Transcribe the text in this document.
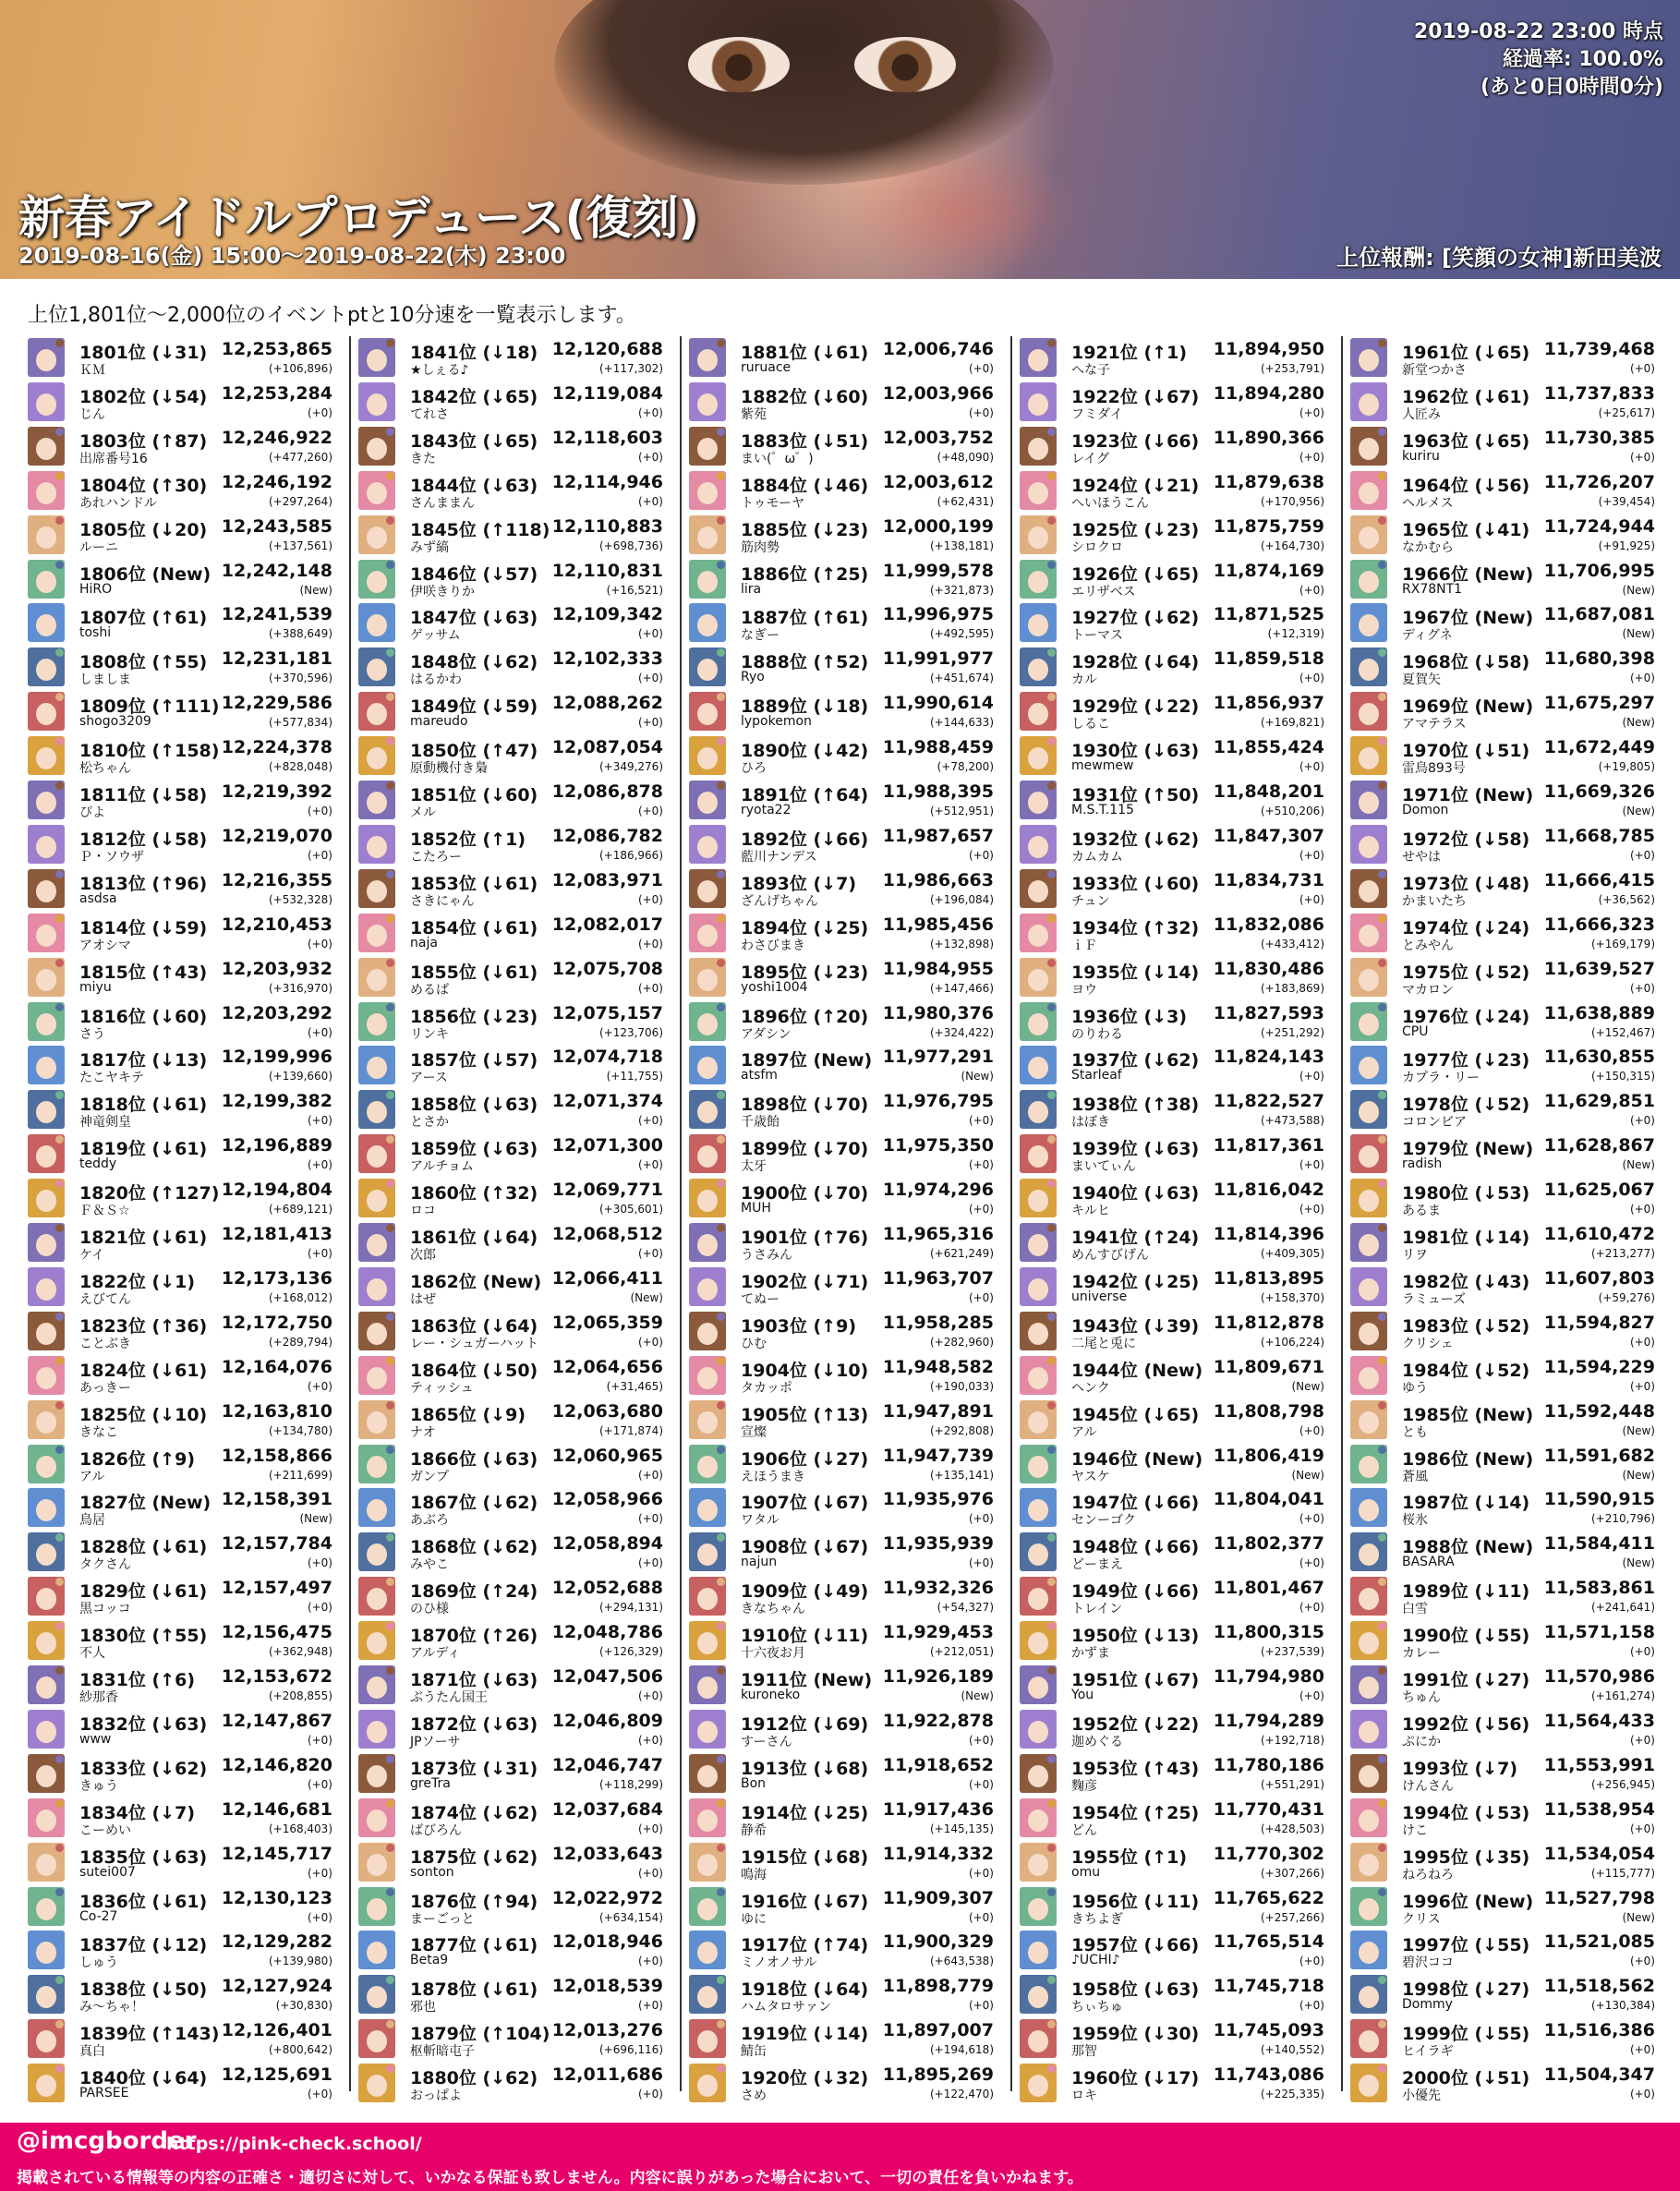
新春アイドルプロデュース(復刻)
2019-08-16(金) 15:00～2019-08-22(木) 23:00
2019-08-22 23:00 時点
経過率: 100.0%
(あと0日0時間0分)
上位報酬: [笑顔の女神]新田美波
上位1,801位～2,000位のイベントptと10分速を一覧表示します。
1801位 (↓31) 12,253,865
ＫＭ	(+106,896)
1802位 (↓54) 12,253,284
じん	(+0)
1803位 (↑87) 12,246,922
出席番号16	(+477,260)
1804位 (↑30) 12,246,192
あれハンドル	(+297,264)
1805位 (↓20) 12,243,585
ルーニ	(+137,561)
1806位 (New) 12,242,148
HiRO	(New)
1807位 (↑61) 12,241,539
toshi	(+388,649)
1808位 (↑55) 12,231,181
しましま	(+370,596)
1809位 (↑111) 12,229,586
shogo3209	(+577,834)
1810位 (↑158) 12,224,378
松ちゃん	(+828,048)
1811位 (↓58) 12,219,392
ぴよ	(+0)
1812位 (↓58) 12,219,070
Ｐ・ソウザ	(+0)
1813位 (↑96) 12,216,355
asdsa	(+532,328)
1814位 (↓59) 12,210,453
アオシマ	(+0)
1815位 (↑43) 12,203,932
miyu	(+316,970)
1816位 (↓60) 12,203,292
さう	(+0)
1817位 (↓13) 12,199,996
たこヤキテ	(+139,660)
1818位 (↓61) 12,199,382
神竜剣皇	(+0)
1819位 (↓61) 12,196,889
teddy	(+0)
1820位 (↑127) 12,194,804
Ｆ＆Ｓ☆	(+689,121)
1821位 (↓61) 12,181,413
ケイ	(+0)
1822位 (↓1) 12,173,136
えびてん	(+168,012)
1823位 (↑36) 12,172,750
ことぶき	(+289,794)
1824位 (↓61) 12,164,076
あっきー	(+0)
1825位 (↓10) 12,163,810
きなこ	(+134,780)
1826位 (↑9) 12,158,866
アル	(+211,699)
1827位 (New) 12,158,391
鳥居	(New)
1828位 (↓61) 12,157,784
タクさん	(+0)
1829位 (↓61) 12,157,497
黒コッコ	(+0)
1830位 (↑55) 12,156,475
不人	(+362,948)
1831位 (↑6) 12,153,672
紗那香	(+208,855)
1832位 (↓63) 12,147,867
www	(+0)
1833位 (↓62) 12,146,820
きゅう	(+0)
1834位 (↓7) 12,146,681
こーめい	(+168,403)
1835位 (↓63) 12,145,717
sutei007	(+0)
1836位 (↓61) 12,130,123
Co-27	(+0)
1837位 (↓12) 12,129,282
しゅう	(+139,980)
1838位 (↓50) 12,127,924
み～ちゃ！	(+30,830)
1839位 (↑143) 12,126,401
真白	(+800,642)
1840位 (↓64) 12,125,691
PARSEE	(+0)
1841位 (↓18) 12,120,688
★しぇる♪	(+117,302)
1842位 (↓65) 12,119,084
てれさ	(+0)
1843位 (↓65) 12,118,603
きた	(+0)
1844位 (↓63) 12,114,946
さんままん	(+0)
1845位 (↑118) 12,110,883
みず縞	(+698,736)
1846位 (↓57) 12,110,831
伊咲きりか	(+16,521)
1847位 (↓63) 12,109,342
ゲッサム	(+0)
1848位 (↓62) 12,102,333
はるかわ	(+0)
1849位 (↓59) 12,088,262
mareudo	(+0)
1850位 (↑47) 12,087,054
原動機付き梟	(+349,276)
1851位 (↓60) 12,086,878
メル	(+0)
1852位 (↑1) 12,086,782
こたろー	(+186,966)
1853位 (↓61) 12,083,971
さきにゃん	(+0)
1854位 (↓61) 12,082,017
naja	(+0)
1855位 (↓61) 12,075,708
めるば	(+0)
1856位 (↓23) 12,075,157
リンキ	(+123,706)
1857位 (↓57) 12,074,718
アース	(+11,755)
1858位 (↓63) 12,071,374
とさか	(+0)
1859位 (↓63) 12,071,300
アルチョム	(+0)
1860位 (↑32) 12,069,771
ロコ	(+305,601)
1861位 (↓64) 12,068,512
次郎	(+0)
1862位 (New) 12,066,411
はぜ	(New)
1863位 (↓64) 12,065,359
レー・シュガーハット	(+0)
1864位 (↓50) 12,064,656
ティッシュ	(+31,465)
1865位 (↓9) 12,063,680
ナオ	(+171,874)
1866位 (↓63) 12,060,965
ガンプ	(+0)
1867位 (↓62) 12,058,966
あぶろ	(+0)
1868位 (↓62) 12,058,894
みやこ	(+0)
1869位 (↑24) 12,052,688
のひ様	(+294,131)
1870位 (↑26) 12,048,786
アルディ	(+126,329)
1871位 (↓63) 12,047,506
ぶうたん国王	(+0)
1872位 (↓63) 12,046,809
JPソーサ	(+0)
1873位 (↓31) 12,046,747
greTra	(+118,299)
1874位 (↓62) 12,037,684
ばびろん	(+0)
1875位 (↓62) 12,033,643
sonton	(+0)
1876位 (↑94) 12,022,972
まーごっと	(+634,154)
1877位 (↓61) 12,018,946
Beta9	(+0)
1878位 (↓61) 12,018,539
邪也	(+0)
1879位 (↑104) 12,013,276
枢斬暗屯子	(+696,116)
1880位 (↓62) 12,011,686
おっぱよ	(+0)
1881位 (↓61) 12,006,746
ruruace	(+0)
1882位 (↓60) 12,003,966
紫苑	(+0)
1883位 (↓51) 12,003,752
まい(゜ω゜)	(+48,090)
1884位 (↓46) 12,003,612
トゥモーヤ	(+62,431)
1885位 (↓23) 12,000,199
筋肉勢	(+138,181)
1886位 (↑25) 11,999,578
lira	(+321,873)
1887位 (↑61) 11,996,975
なぎー	(+492,595)
1888位 (↑52) 11,991,977
Ryo	(+451,674)
1889位 (↓18) 11,990,614
lypokemon	(+144,633)
1890位 (↓42) 11,988,459
ひろ	(+78,200)
1891位 (↑64) 11,988,395
ryota22	(+512,951)
1892位 (↓66) 11,987,657
藍川ナンデス	(+0)
1893位 (↓7) 11,986,663
ざんげちゃん	(+196,084)
1894位 (↓25) 11,985,456
わさびまき	(+132,898)
1895位 (↓23) 11,984,955
yoshi1004	(+147,466)
1896位 (↑20) 11,980,376
アダシン	(+324,422)
1897位 (New) 11,977,291
atsfm	(New)
1898位 (↓70) 11,976,795
千歳飴	(+0)
1899位 (↓70) 11,975,350
太牙	(+0)
1900位 (↓70) 11,974,296
MUH	(+0)
1901位 (↑76) 11,965,316
うさみん	(+621,249)
1902位 (↓71) 11,963,707
てぬー	(+0)
1903位 (↑9) 11,958,285
ひむ	(+282,960)
1904位 (↓10) 11,948,582
タカッポ	(+190,033)
1905位 (↑13) 11,947,891
宣燦	(+292,808)
1906位 (↓27) 11,947,739
えほうまき	(+135,141)
1907位 (↓67) 11,935,976
ワタル	(+0)
1908位 (↓67) 11,935,939
najun	(+0)
1909位 (↓49) 11,932,326
きなちゃん	(+54,327)
1910位 (↓11) 11,929,453
十六夜お月	(+212,051)
1911位 (New) 11,926,189
kuroneko	(New)
1912位 (↓69) 11,922,878
すーさん	(+0)
1913位 (↓68) 11,918,652
Bon	(+0)
1914位 (↓25) 11,917,436
静希	(+145,135)
1915位 (↓68) 11,914,332
鳴海	(+0)
1916位 (↓67) 11,909,307
ゆに	(+0)
1917位 (↑74) 11,900,329
ミノオノサル	(+643,538)
1918位 (↓64) 11,898,779
ハムタロサァン	(+0)
1919位 (↓14) 11,897,007
鯖缶	(+194,618)
1920位 (↓32) 11,895,269
さめ	(+122,470)
1921位 (↑1) 11,894,950
へな子	(+253,791)
1922位 (↓67) 11,894,280
フミダイ	(+0)
1923位 (↓66) 11,890,366
レイグ	(+0)
1924位 (↓21) 11,879,638
へいほうこん	(+170,956)
1925位 (↓23) 11,875,759
シロクロ	(+164,730)
1926位 (↓65) 11,874,169
エリザベス	(+0)
1927位 (↓62) 11,871,525
トーマス	(+12,319)
1928位 (↓64) 11,859,518
カル	(+0)
1929位 (↓22) 11,856,937
しるこ	(+169,821)
1930位 (↓63) 11,855,424
mewmew	(+0)
1931位 (↑50) 11,848,201
M.S.T.115	(+510,206)
1932位 (↓62) 11,847,307
カムカム	(+0)
1933位 (↓60) 11,834,731
チュン	(+0)
1934位 (↑32) 11,832,086
ｉＦ	(+433,412)
1935位 (↓14) 11,830,486
ヨウ	(+183,869)
1936位 (↓3) 11,827,593
のりわる	(+251,292)
1937位 (↓62) 11,824,143
Starleaf	(+0)
1938位 (↑38) 11,822,527
はぼき	(+473,588)
1939位 (↓63) 11,817,361
まいてぃん	(+0)
1940位 (↓63) 11,816,042
キルヒ	(+0)
1941位 (↑24) 11,814,396
めんすびげん	(+409,305)
1942位 (↓25) 11,813,895
universe	(+158,370)
1943位 (↓39) 11,812,878
二尾と兎に	(+106,224)
1944位 (New) 11,809,671
ヘンク	(New)
1945位 (↓65) 11,808,798
アル	(+0)
1946位 (New) 11,806,419
ヤスケ	(New)
1947位 (↓66) 11,804,041
センーゴク	(+0)
1948位 (↓66) 11,802,377
どーまえ	(+0)
1949位 (↓66) 11,801,467
トレイン	(+0)
1950位 (↓13) 11,800,315
かずま	(+237,539)
1951位 (↓67) 11,794,980
You	(+0)
1952位 (↓22) 11,794,289
迦めぐる	(+192,718)
1953位 (↑43) 11,780,186
麴彦	(+551,291)
1954位 (↑25) 11,770,431
どん	(+428,503)
1955位 (↑1) 11,770,302
omu	(+307,266)
1956位 (↓11) 11,765,622
きちよぎ	(+257,266)
1957位 (↓66) 11,765,514
♪UCHI♪	(+0)
1958位 (↓63) 11,745,718
ちぃちゅ	(+0)
1959位 (↓30) 11,745,093
那智	(+140,552)
1960位 (↓17) 11,743,086
ロキ	(+225,335)
1961位 (↓65) 11,739,468
新堂つかさ	(+0)
1962位 (↓61) 11,737,833
人匠み	(+25,617)
1963位 (↓65) 11,730,385
kuriru	(+0)
1964位 (↓56) 11,726,207
ヘルメス	(+39,454)
1965位 (↓41) 11,724,944
なかむら	(+91,925)
1966位 (New) 11,706,995
RX78NT1	(New)
1967位 (New) 11,687,081
ディグネ	(New)
1968位 (↓58) 11,680,398
夏賀矢	(+0)
1969位 (New) 11,675,297
アマテラス	(New)
1970位 (↓51) 11,672,449
雷鳥893号	(+19,805)
1971位 (New) 11,669,326
Domon	(New)
1972位 (↓58) 11,668,785
せやは	(+0)
1973位 (↓48) 11,666,415
かまいたち	(+36,562)
1974位 (↓24) 11,666,323
とみやん	(+169,179)
1975位 (↓52) 11,639,527
マカロン	(+0)
1976位 (↓24) 11,638,889
CPU	(+152,467)
1977位 (↓23) 11,630,855
カプラ・リー	(+150,315)
1978位 (↓52) 11,629,851
コロンビア	(+0)
1979位 (New) 11,628,867
radish	(New)
1980位 (↓53) 11,625,067
あるま	(+0)
1981位 (↓14) 11,610,472
リヲ	(+213,277)
1982位 (↓43) 11,607,803
ラミューズ	(+59,276)
1983位 (↓52) 11,594,827
クリシェ	(+0)
1984位 (↓52) 11,594,229
ゆう	(+0)
1985位 (New) 11,592,448
とも	(New)
1986位 (New) 11,591,682
蒼風	(New)
1987位 (↓14) 11,590,915
桜氷	(+210,796)
1988位 (New) 11,584,411
BASARA	(New)
1989位 (↓11) 11,583,861
白雪	(+241,641)
1990位 (↓55) 11,571,158
カレー	(+0)
1991位 (↓27) 11,570,986
ちゅん	(+161,274)
1992位 (↓56) 11,564,433
ぷにか	(+0)
1993位 (↓7) 11,553,991
けんさん	(+256,945)
1994位 (↓53) 11,538,954
けこ	(+0)
1995位 (↓35) 11,534,054
ねろねろ	(+115,777)
1996位 (New) 11,527,798
クリス	(New)
1997位 (↓55) 11,521,085
碧沢ココ	(+0)
1998位 (↓27) 11,518,562
Dommy	(+130,384)
1999位 (↓55) 11,516,386
ヒイラギ	(+0)
2000位 (↓51) 11,504,347
小優先	(+0)
@imcgborder
https://pink-check.school/
掲載されている情報等の内容の正確さ・適切さに対して、いかなる保証も致しません。内容に誤りがあった場合において、一切の責任を負いかねます。
